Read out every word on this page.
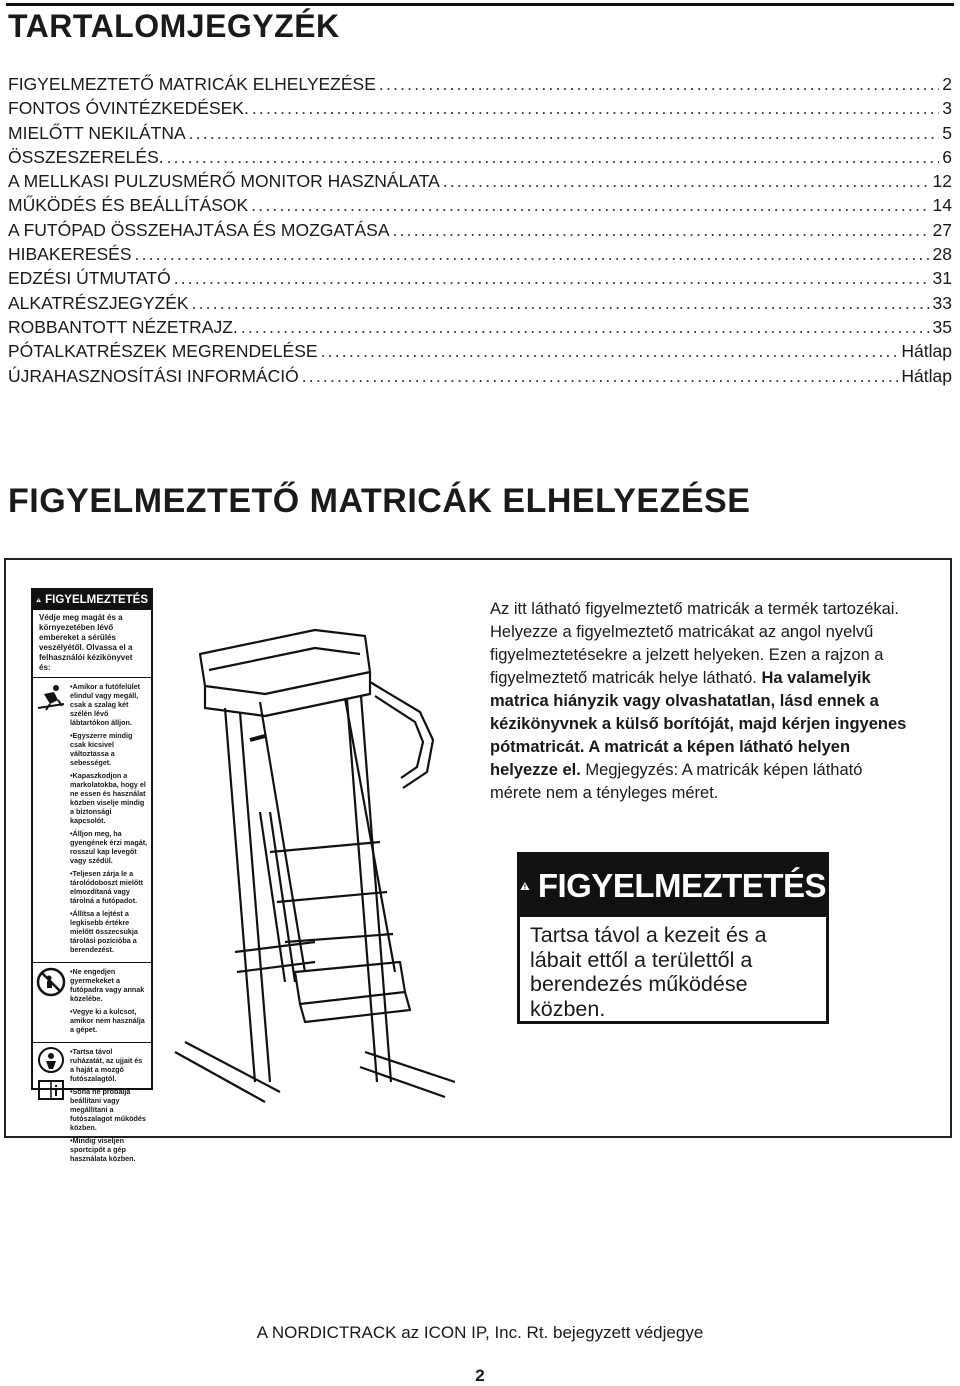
TARTALOMJEGYZÉK
FIGYELMEZTETŐ MATRICÁK ELHELYEZÉSE .....	2
FONTOS ÓVINTÉZKEDÉSEK. .....	3
MIELŐTT NEKILÁTNA .....	5
ÖSSZESZERELÉS. .....	6
A MELLKASI PULZUSMÉRŐ MONITOR HASZNÁLATA .....	12
MŰKÖDÉS ÉS BEÁLLÍTÁSOK .....	14
A FUTÓPAD ÖSSZEHAJTÁSA ÉS MOZGATÁSA .....	27
HIBAKERESÉS .....	28
EDZÉSI ÚTMUTATÓ .....	31
ALKATRÉSZJEGYZÉK .....	33
ROBBANTOTT NÉZETRAJZ. .....	35
PÓTALKATRÉSZEK MEGRENDELÉSE .....	Hátlap
ÚJRAHASZNOSÍTÁSI INFORMÁCIÓ .....	Hátlap
FIGYELMEZTETŐ MATRICÁK ELHELYEZÉSE
FIGYELMEZTETÉS
Védje meg magát és a környezetében lévő embereket a sérülés veszélyétől. Olvassa el a felhasználói kézikönyvet és:

•Amikor a futófelület elindul vagy megáll, csak a szalag két szélén lévő lábtartókon álljon.

•Egyszerre mindig csak kicsivel változtassa a sebességet.

•Kapaszkodjon a markolatokba, hogy el ne essen és használat közben viselje mindig a biztonsági kapcsolót.

•Álljon meg, ha gyengének érzi magát, rosszul kap levegőt vagy szédül.

•Teljesen zárja le a tárolódoboszt mielőtt elmozdítaná vagy tárolná a futópadot.

•Állítsa a lejtést a legkisebb értékre mielőtt összecsukja tárolási pozícióba a berendezést.

•Ne engedjen gyermekeket a futópadra vagy annak közelébe.

•Vegye ki a kulcsot, amikor nem használja a gépet.

•Tartsa távol ruházatát, az ujjait és a haját a mozgó futószalagtól.

•Soha ne próbálja beállítani vagy megállítani a futószalagot működés közben.

•Mindig viseljen sportcipőt a gép használata közben.

Az itt látható figyelmeztető matricák a termék tartozékai. Helyezze a figyelmeztető matricákat az angol nyelvű figyelmeztetésekre a jelzett helyeken. Ezen a rajzon a figyelmeztető matricák helye látható. Ha valamelyik matrica hiányzik vagy olvashatatlan, lásd ennek a kézikönyvnek a külső borítóját, majd kérjen ingyenes pótmatricát. A matricát a képen látható helyen helyezze el. Megjegyzés: A matricák képen látható mérete nem a tényleges méret.
FIGYELMEZTETÉS
Tartsa távol a kezeit és a lábait ettől a területtől a berendezés működése közben.
A NORDICTRACK az ICON IP, Inc. Rt. bejegyzett védjegye
2
